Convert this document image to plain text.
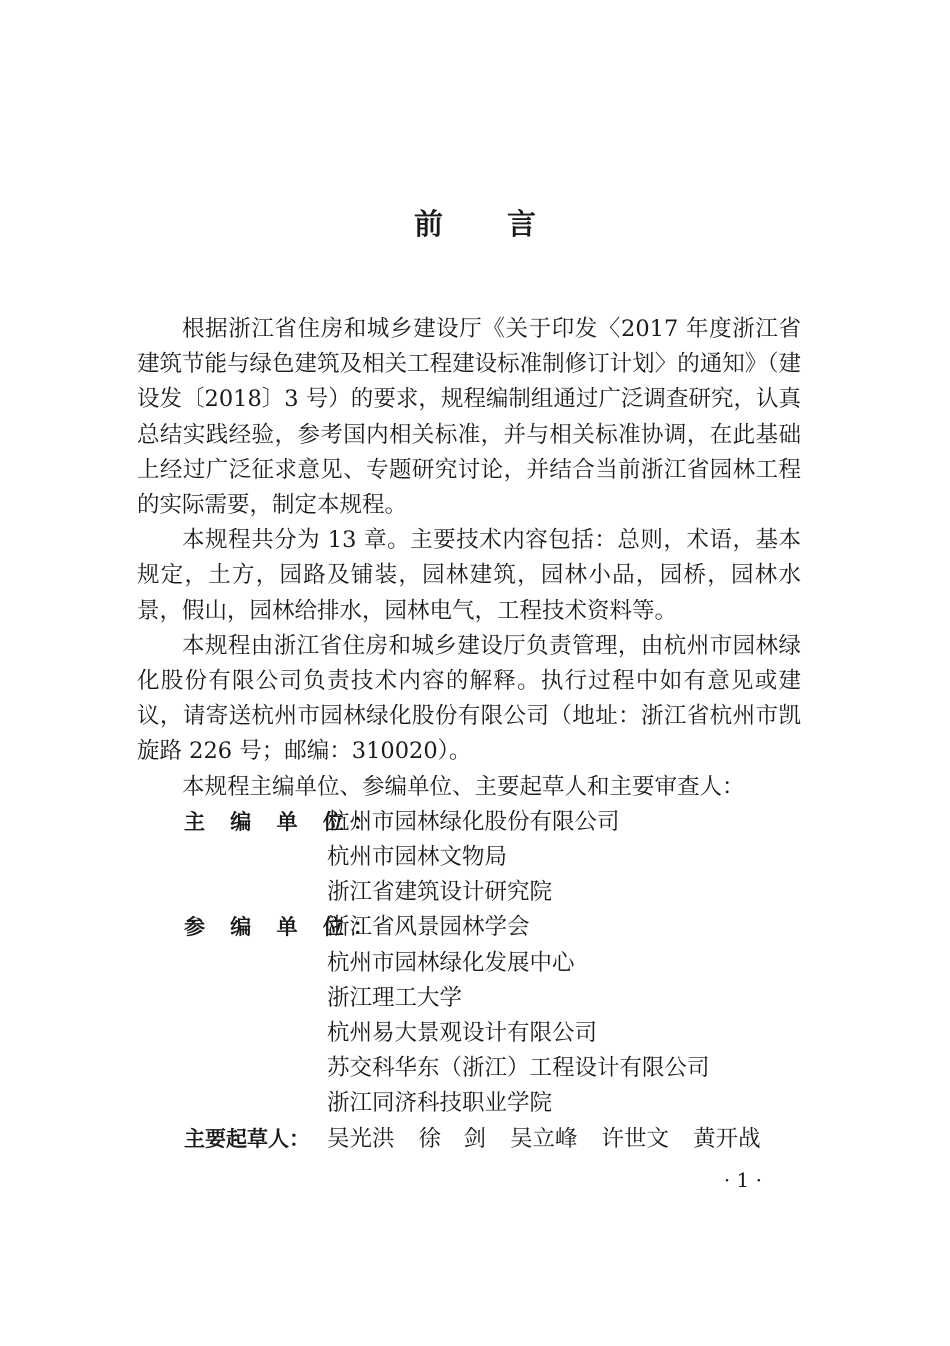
前 言

根据浙江省住房和城乡建设厅《关于印发〈2017 年度浙江省建筑节能与绿色建筑及相关工程建设标准制修订计划〉的通知》（建设发〔2018〕3 号）的要求，规程编制组通过广泛调查研究，认真总结实践经验，参考国内相关标准，并与相关标准协调，在此基础上经过广泛征求意见、专题研究讨论，并结合当前浙江省园林工程的实际需要，制定本规程。

本规程共分为 13 章。主要技术内容包括：总则，术语，基本规定，土方，园路及铺装，园林建筑，园林小品，园桥，园林水景，假山，园林给排水，园林电气，工程技术资料等。

本规程由浙江省住房和城乡建设厅负责管理，由杭州市园林绿化股份有限公司负责技术内容的解释。执行过程中如有意见或建议，请寄送杭州市园林绿化股份有限公司（地址：浙江省杭州市凯旋路 226 号；邮编：310020）。

本规程主编单位、参编单位、主要起草人和主要审查人：

主 编 单 位：
杭州市园林绿化股份有限公司
杭州市园林文物局
浙江省建筑设计研究院
参 编 单 位：
浙江省风景园林学会
杭州市园林绿化发展中心
浙江理工大学
杭州易大景观设计有限公司
苏交科华东（浙江）工程设计有限公司
浙江同济科技职业学院
主要起草人： 吴光洪 徐　剑 吴立峰 许世文 黄开战
· 1 ·
